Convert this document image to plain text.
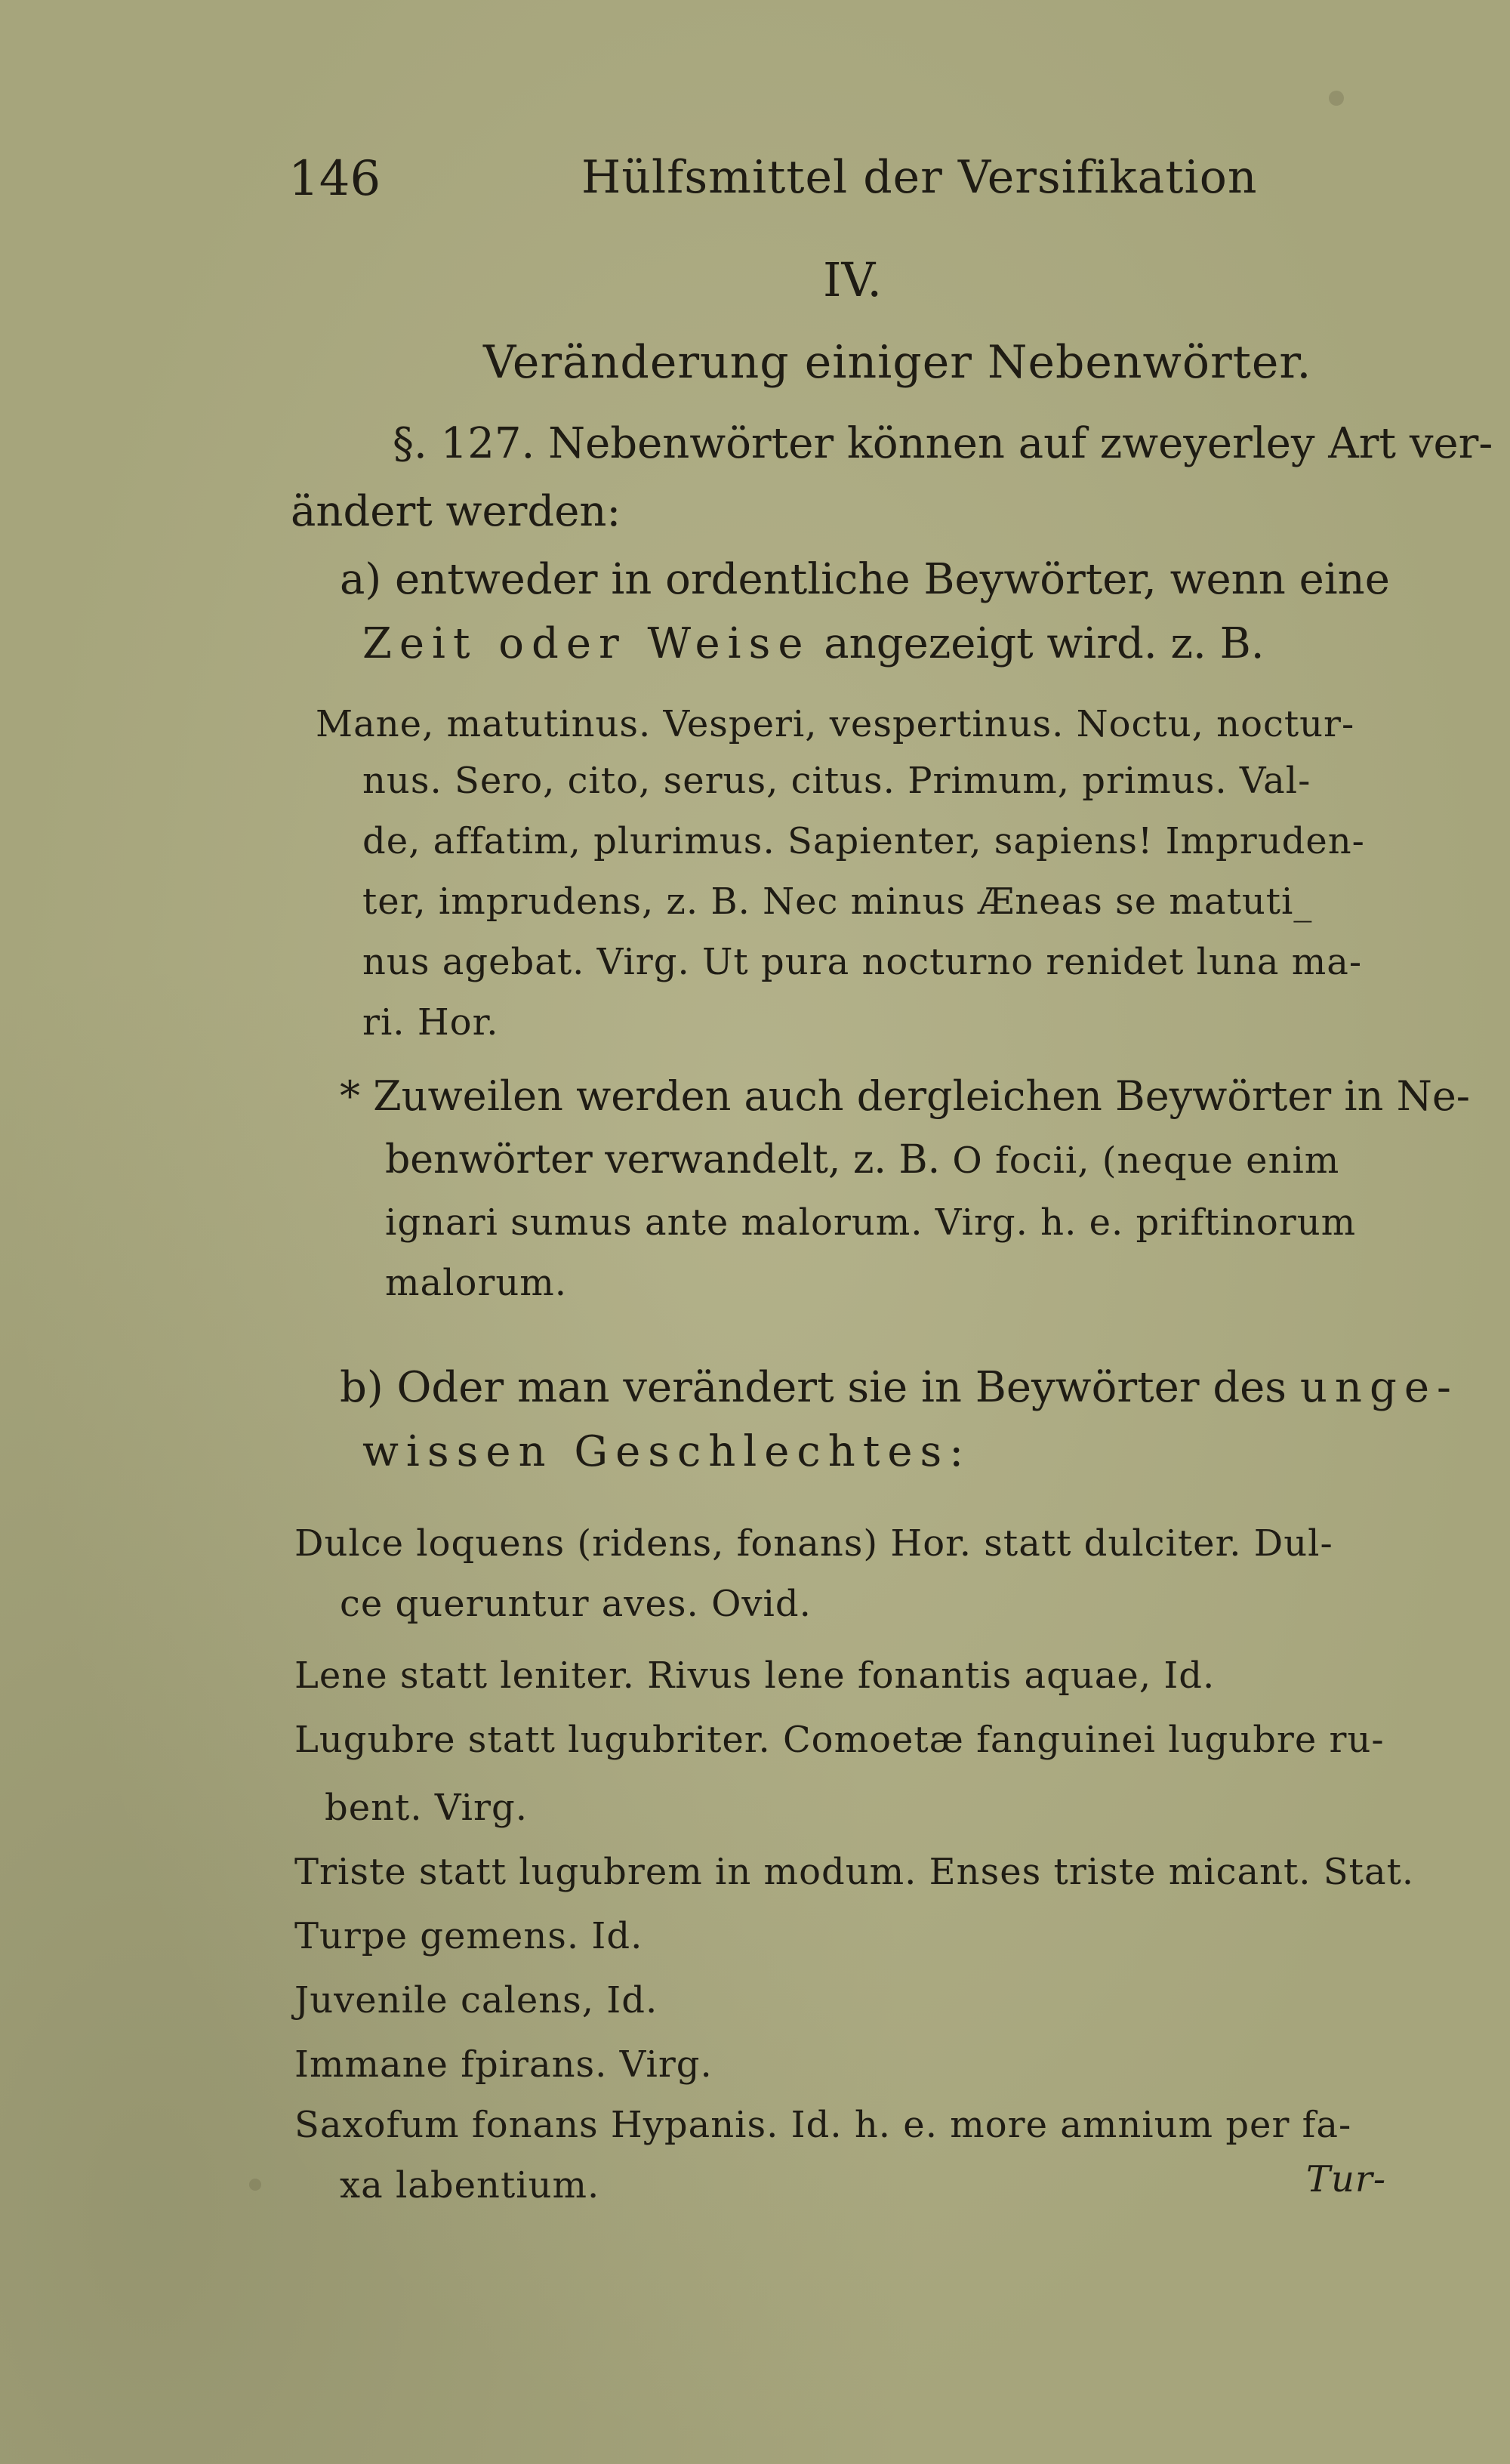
146	Hülfsmittel der Versifikation
IV.
Veränderung einiger Nebenwörter.
§. 127. Nebenwörter können auf zweyerley Art ver-
ändert werden:
a) entweder in ordentliche Beywörter, wenn eine
Zeit oder Weise angezeigt wird. z. B.
Mane, matutinus. Vesperi, vespertinus. Noctu, noctur-
nus. Sero, cito, serus, citus. Primum, primus. Val-
de, affatim, plurimus. Sapienter, sapiens! Impruden-
ter, imprudens, z. B. Nec minus Æneas se matuti_
nus agebat. Virg. Ut pura nocturno renidet luna ma-
ri. Hor.
* Zuweilen werden auch dergleichen Beywörter in Ne-
benwörter verwandelt, z. B. O focii, (neque enim
ignari sumus ante malorum. Virg. h. e. priftinorum
malorum.
b) Oder man verändert sie in Beywörter des unge-
wissen Geschlechtes:
Dulce loquens (ridens, fonans) Hor. statt dulciter. Dul-
ce queruntur aves. Ovid.
Lene statt leniter. Rivus lene fonantis aquae, Id.
Lugubre statt lugubriter. Comoetæ fanguinei lugubre ru-
bent. Virg.
Triste statt lugubrem in modum. Enses triste micant. Stat.
Turpe gemens. Id.
Juvenile calens, Id.
Immane fpirans. Virg.
Saxofum fonans Hypanis. Id. h. e. more amnium per fa-
xa labentium.	Tur-
